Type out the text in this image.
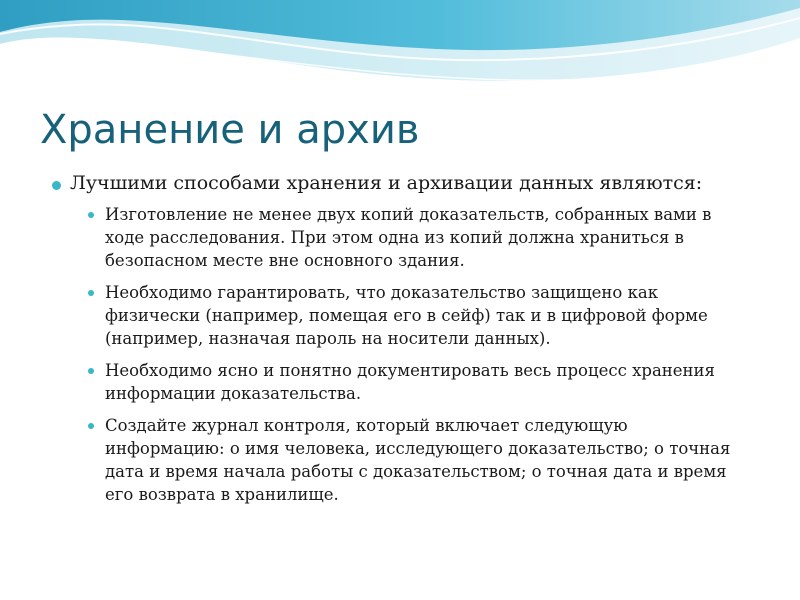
Хранение и архив
Лучшими способами хранения и архивации данных являются:
Изготовление не менее двух копий доказательств, собранных вами в ходе расследования. При этом одна из копий должна храниться в безопасном месте вне основного здания.
Необходимо гарантировать, что доказательство защищено как физически (например, помещая его в сейф) так и в цифровой форме (например, назначая пароль на носители данных).
Необходимо ясно и понятно документировать весь процесс хранения информации доказательства.
Создайте журнал контроля, который включает следующую информацию: o имя человека, исследующего доказательство; o точная дата и время начала работы с доказательством; o точная дата и время его возврата в хранилище.
